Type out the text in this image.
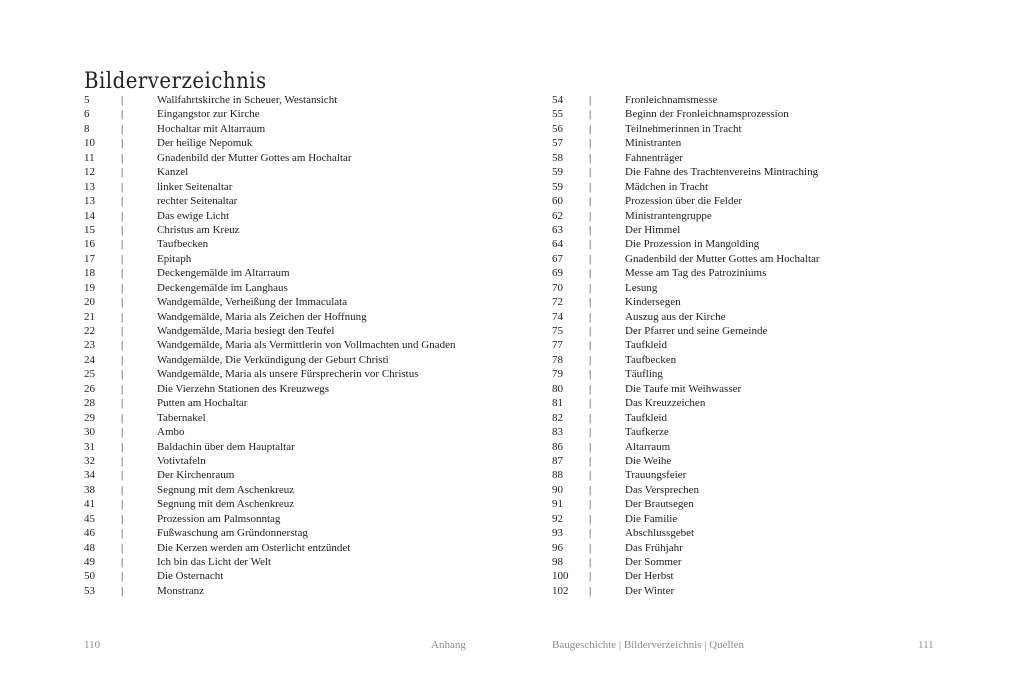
Bilderverzeichnis
5	|	Wallfahrtskirche in Scheuer, Westansicht
6	|	Eingangstor zur Kirche
8	|	Hochaltar mit Altarraum
10 |	Der heilige Nepomuk
11 |	Gnadenbild der Mutter Gottes am Hochaltar
12 |	Kanzel
13 |	linker Seitenaltar
13 |	rechter Seitenaltar
14 |	Das ewige Licht
15 |	Christus am Kreuz
16 |	Taufbecken
17 |	Epitaph
18 |	Deckengemälde im Altarraum
19 |	Deckengemälde im Langhaus
20 |	Wandgemälde, Verheißung der Immaculata
21 |	Wandgemälde, Maria als Zeichen der Hoffnung
22 |	Wandgemälde, Maria besiegt den Teufel
23 |	Wandgemälde, Maria als Vermittlerin von Vollmachten und Gnaden
24 |	Wandgemälde, Die Verkündigung der Geburt Christi
25 |	Wandgemälde, Maria als unsere Fürsprecherin vor Christus
26 |	Die Vierzehn Stationen des Kreuzwegs
28 |	Putten am Hochaltar
29 |	Tabernakel
30 |	Ambo
31 |	Baldachin über dem Hauptaltar
32 |	Votivtafeln
34 |	Der Kirchenraum
38 |	Segnung mit dem Aschenkreuz
41 |	Segnung mit dem Aschenkreuz
45 |	Prozession am Palmsonntag
46 |	Fußwaschung am Gründonnerstag
48 |	Die Kerzen werden am Osterlicht entzündet
49 |	Ich bin das Licht der Welt
50 |	Die Osternacht
53 |	Monstranz
54 |	Fronleichnamsmesse
55 |	Beginn der Fronleichnamsprozession
56 |	Teilnehmerinnen in Tracht
57 |	Ministranten
58 |	Fahnenträger
59 |	Die Fahne des Trachtenvereins Mintraching
59 |	Mädchen in Tracht
60 |	Prozession über die Felder
62 |	Ministrantengruppe
63 |	Der Himmel
64 |	Die Prozession in Mangolding
67 |	Gnadenbild der Mutter Gottes am Hochaltar
69 |	Messe am Tag des Patroziniums
70 |	Lesung
72 |	Kindersegen
74 |	Auszug aus der Kirche
75 |	Der Pfarrer und seine Gemeinde
77 |	Taufkleid
78 |	Taufbecken
79 |	Täufling
80 |	Die Taufe mit Weihwasser
81 |	Das Kreuzzeichen
82 |	Taufkleid
83 |	Taufkerze
86 |	Altarraum
87 |	Die Weihe
88 |	Trauungsfeier
90 |	Das Versprechen
91 |	Der Brautsegen
92 |	Die Familie
93 |	Abschlussgebet
96 |	Das Frühjahr
98 |	Der Sommer
100 |	Der Herbst
102 |	Der Winter
110	Anhang	Baugeschichte | Bilderverzeichnis | Quellen	111
